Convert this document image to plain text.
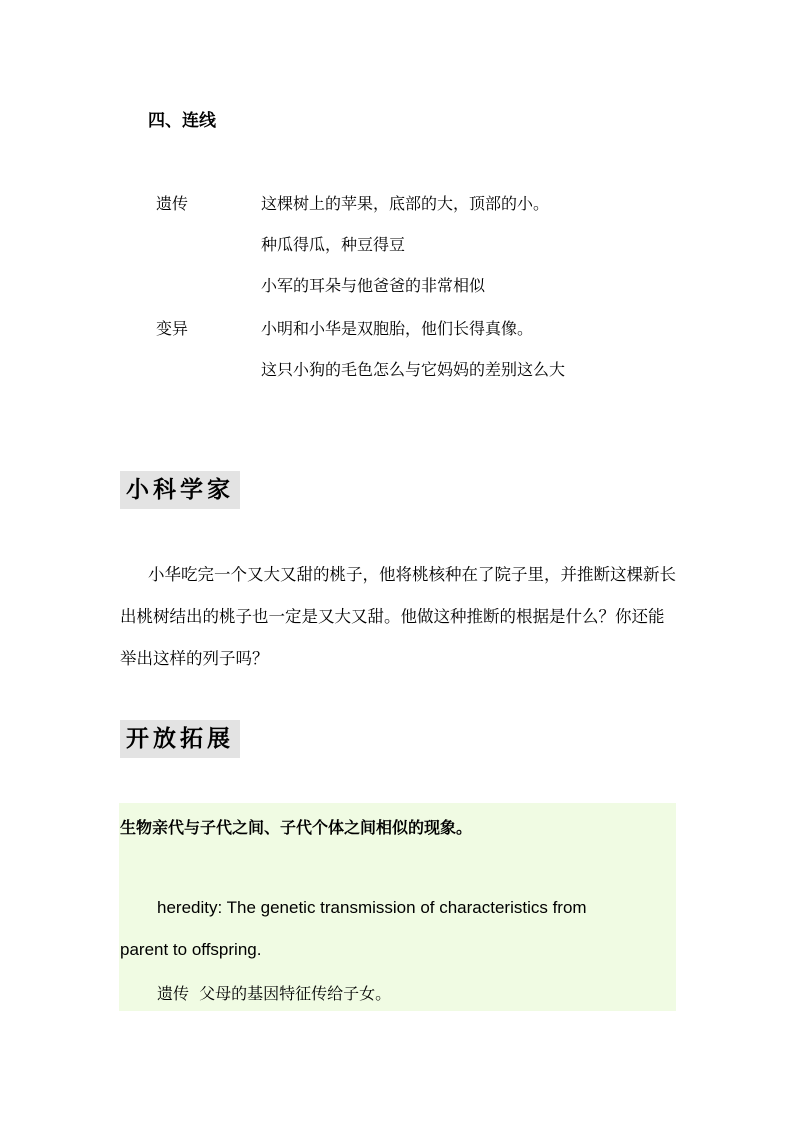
四、连线
遗传
变异
这棵树上的苹果，底部的大，顶部的小。
种瓜得瓜，种豆得豆
小军的耳朵与他爸爸的非常相似
小明和小华是双胞胎，他们长得真像。
这只小狗的毛色怎么与它妈妈的差别这么大
小科学家

小华吃完一个又大又甜的桃子，他将桃核种在了院子里，并推断这棵新长出桃树结出的桃子也一定是又大又甜。他做这种推断的根据是什么？你还能举出这样的列子吗？

开放拓展
生物亲代与子代之间、子代个体之间相似的现象。
heredity: The genetic transmission of characteristics from
parent to offspring.
遗传  父母的基因特征传给子女。
